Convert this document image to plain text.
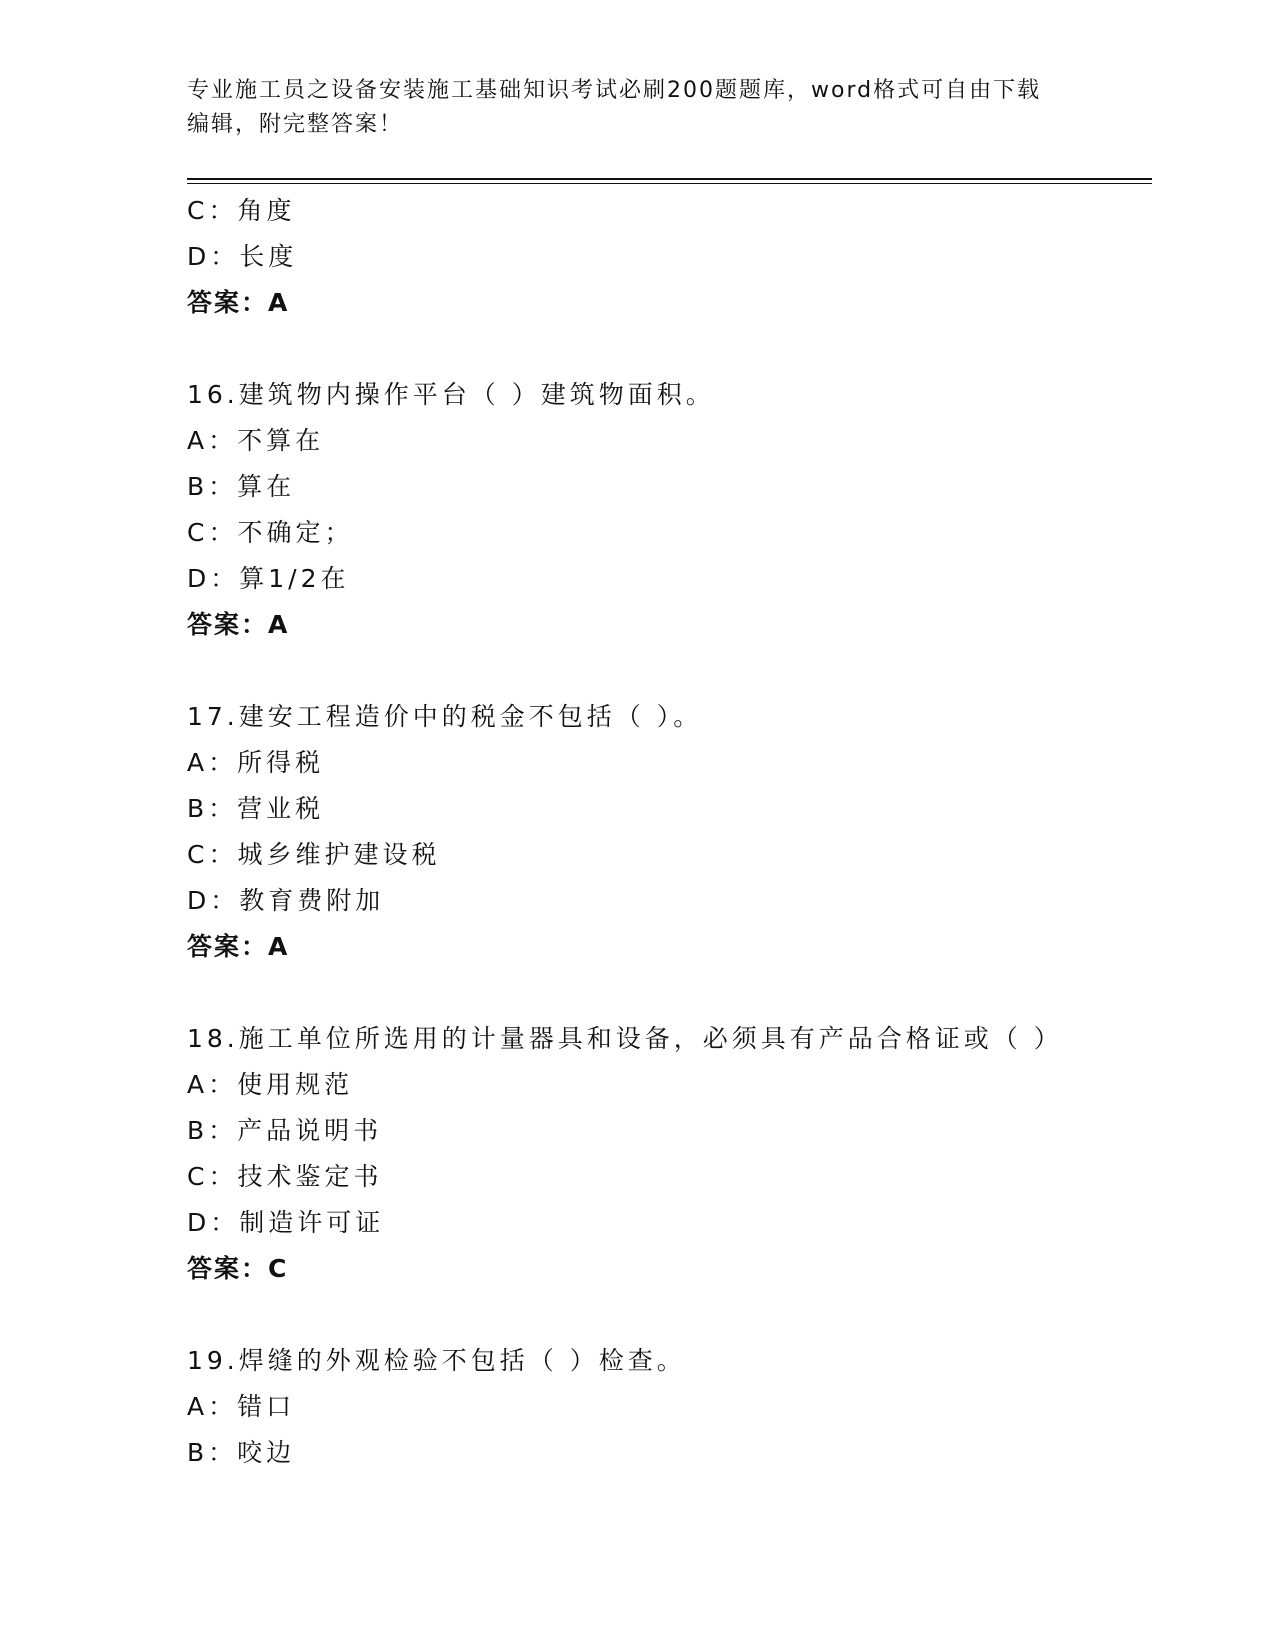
专业施工员之设备安装施工基础知识考试必刷200题题库，word格式可自由下载
编辑，附完整答案！
C：角度
D：长度
答案：A
16.建筑物内操作平台（ ）建筑物面积。
A：不算在
B：算在
C：不确定；
D：算1/2在
答案：A
17.建安工程造价中的税金不包括（ ）。
A：所得税
B：营业税
C：城乡维护建设税
D：教育费附加
答案：A
18.施工单位所选用的计量器具和设备，必须具有产品合格证或（ ）
A：使用规范
B：产品说明书
C：技术鉴定书
D：制造许可证
答案：C
19.焊缝的外观检验不包括（ ）检查。
A：错口
B：咬边
